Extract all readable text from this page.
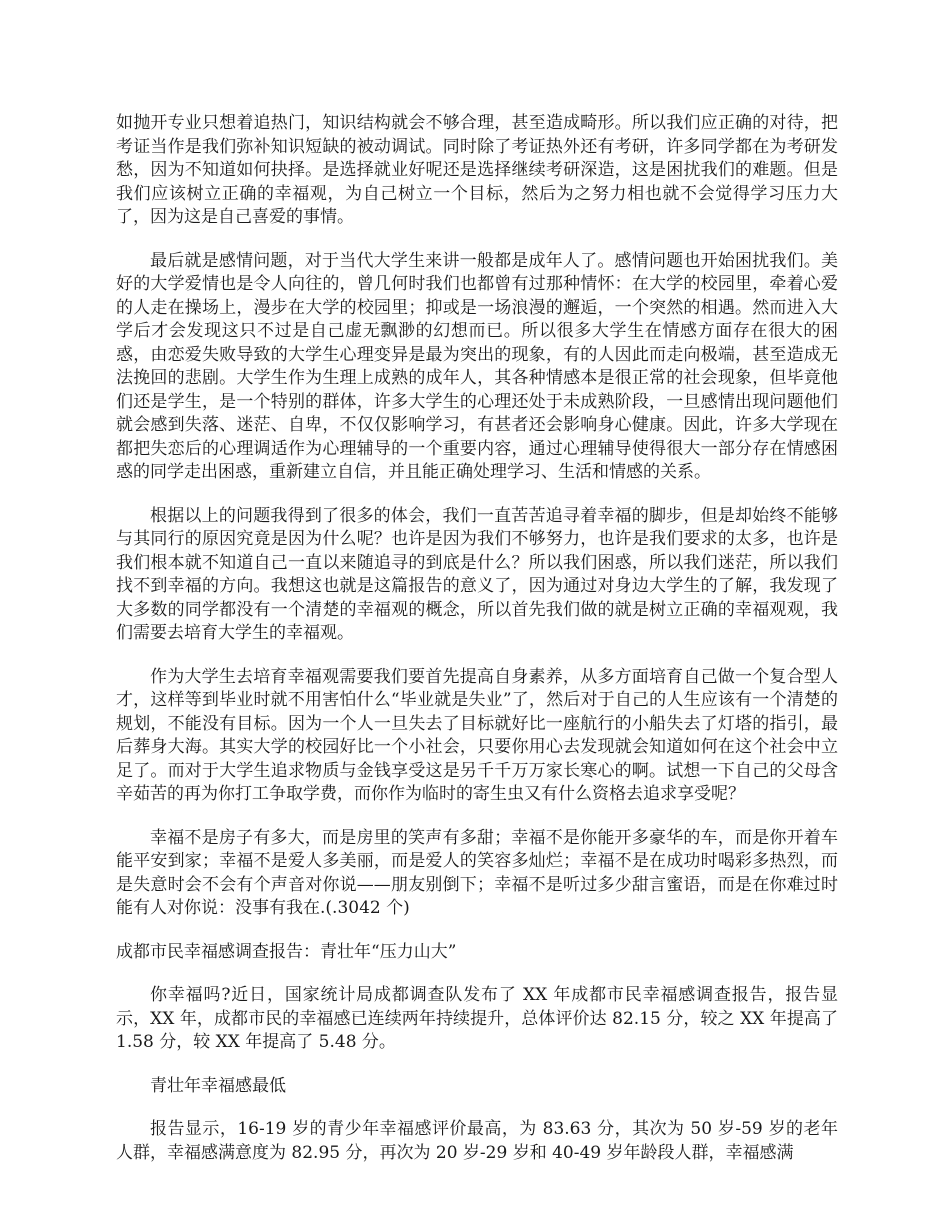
如抛开专业只想着追热门，知识结构就会不够合理，甚至造成畸形。所以我们应正确的对待，把考证当作是我们弥补知识短缺的被动调试。同时除了考证热外还有考研，许多同学都在为考研发愁，因为不知道如何抉择。是选择就业好呢还是选择继续考研深造，这是困扰我们的难题。但是我们应该树立正确的幸福观，为自己树立一个目标，然后为之努力相也就不会觉得学习压力大了，因为这是自己喜爱的事情。

最后就是感情问题，对于当代大学生来讲一般都是成年人了。感情问题也开始困扰我们。美好的大学爱情也是令人向往的，曾几何时我们也都曾有过那种情怀：在大学的校园里，牵着心爱的人走在操场上，漫步在大学的校园里；抑或是一场浪漫的邂逅，一个突然的相遇。然而进入大学后才会发现这只不过是自己虚无飘渺的幻想而已。所以很多大学生在情感方面存在很大的困惑，由恋爱失败导致的大学生心理变异是最为突出的现象，有的人因此而走向极端，甚至造成无法挽回的悲剧。大学生作为生理上成熟的成年人，其各种情感本是很正常的社会现象，但毕竟他们还是学生，是一个特别的群体，许多大学生的心理还处于未成熟阶段，一旦感情出现问题他们就会感到失落、迷茫、自卑，不仅仅影响学习，有甚者还会影响身心健康。因此，许多大学现在都把失恋后的心理调适作为心理辅导的一个重要内容，通过心理辅导使得很大一部分存在情感困惑的同学走出困惑，重新建立自信，并且能正确处理学习、生活和情感的关系。

根据以上的问题我得到了很多的体会，我们一直苦苦追寻着幸福的脚步，但是却始终不能够与其同行的原因究竟是因为什么呢？也许是因为我们不够努力，也许是我们要求的太多，也许是我们根本就不知道自己一直以来随追寻的到底是什么？所以我们困惑，所以我们迷茫，所以我们找不到幸福的方向。我想这也就是这篇报告的意义了，因为通过对身边大学生的了解，我发现了大多数的同学都没有一个清楚的幸福观的概念，所以首先我们做的就是树立正确的幸福观观，我们需要去培育大学生的幸福观。

作为大学生去培育幸福观需要我们要首先提高自身素养，从多方面培育自己做一个复合型人才，这样等到毕业时就不用害怕什么“毕业就是失业”了，然后对于自己的人生应该有一个清楚的规划，不能没有目标。因为一个人一旦失去了目标就好比一座航行的小船失去了灯塔的指引，最后葬身大海。其实大学的校园好比一个小社会，只要你用心去发现就会知道如何在这个社会中立足了。而对于大学生追求物质与金钱享受这是另千千万万家长寒心的啊。试想一下自己的父母含辛茹苦的再为你打工争取学费，而你作为临时的寄生虫又有什么资格去追求享受呢？

幸福不是房子有多大，而是房里的笑声有多甜；幸福不是你能开多豪华的车，而是你开着车能平安到家；幸福不是爱人多美丽，而是爱人的笑容多灿烂；幸福不是在成功时喝彩多热烈，而是失意时会不会有个声音对你说——朋友别倒下；幸福不是听过多少甜言蜜语，而是在你难过时能有人对你说：没事有我在.(.3042 个)

成都市民幸福感调查报告：青壮年“压力山大”

你幸福吗?近日，国家统计局成都调查队发布了 XX 年成都市民幸福感调查报告，报告显示，XX 年，成都市民的幸福感已连续两年持续提升，总体评价达 82.15 分，较之 XX 年提高了 1.58 分，较 XX 年提高了 5.48 分。

青壮年幸福感最低

报告显示，16-19 岁的青少年幸福感评价最高，为 83.63 分，其次为 50 岁-59 岁的老年人群，幸福感满意度为 82.95 分，再次为 20 岁-29 岁和 40-49 岁年龄段人群，幸福感满
